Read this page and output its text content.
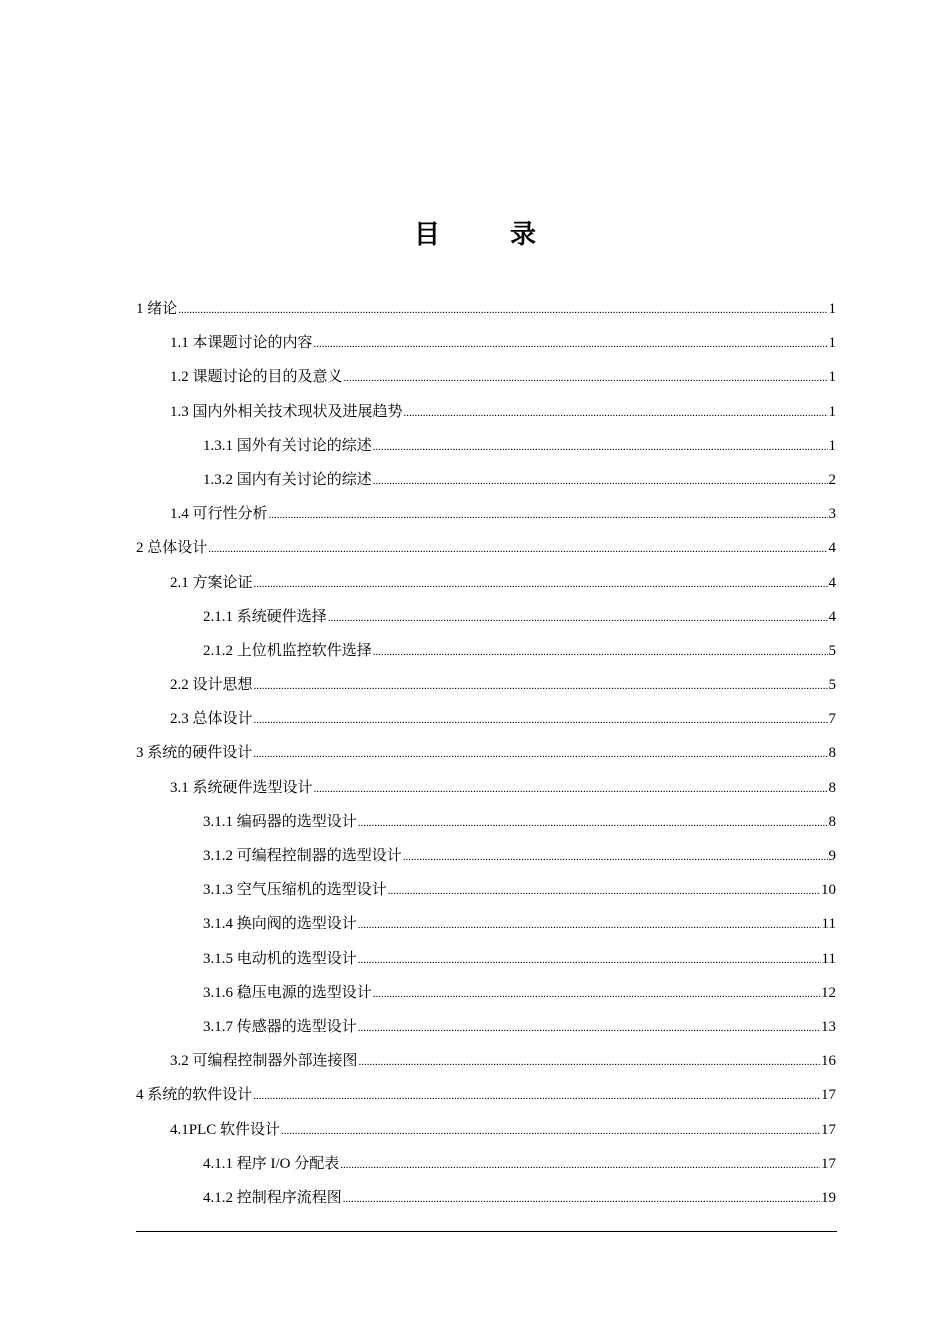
目	录
1 绪论 .....	1
1.1 本课题讨论的内容 .....	1
1.2 课题讨论的目的及意义 .....	1
1.3 国内外相关技术现状及进展趋势 .....	1
1.3.1 国外有关讨论的综述 .....	1
1.3.2 国内有关讨论的综述 .....	2
1.4 可行性分析 .....	3
2 总体设计 .....	4
2.1 方案论证 .....	4
2.1.1 系统硬件选择 .....	4
2.1.2 上位机监控软件选择 .....	5
2.2 设计思想 .....	5
2.3 总体设计 .....	7
3 系统的硬件设计 .....	8
3.1 系统硬件选型设计 .....	8
3.1.1 编码器的选型设计 .....	8
3.1.2 可编程控制器的选型设计 .....	9
3.1.3 空气压缩机的选型设计 .....	10
3.1.4 换向阀的选型设计 .....	11
3.1.5 电动机的选型设计 .....	11
3.1.6 稳压电源的选型设计 .....	12
3.1.7 传感器的选型设计 .....	13
3.2 可编程控制器外部连接图 .....	16
4 系统的软件设计 .....	17
4.1PLC 软件设计 .....	17
4.1.1 程序 I/O 分配表 .....	17
4.1.2 控制程序流程图 .....	19
